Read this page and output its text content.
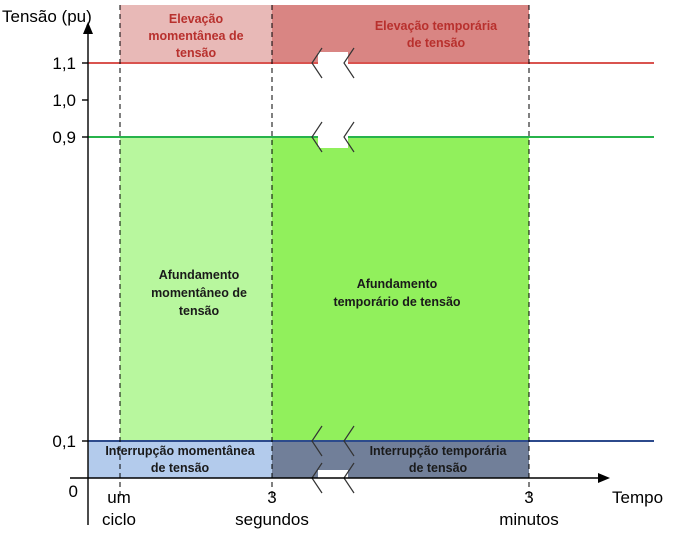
Tensão (pu)
1,1
1,0
0,9
0,1
0	Tempo
um
ciclo
3
segundos
3
minutos
Elevação
momentânea de
tensão
Elevação temporária
de tensão
Afundamento
momentâneo de
tensão
Afundamento
temporário de tensão
Interrupção momentânea
de tensão
Interrupção temporária
de tensão
